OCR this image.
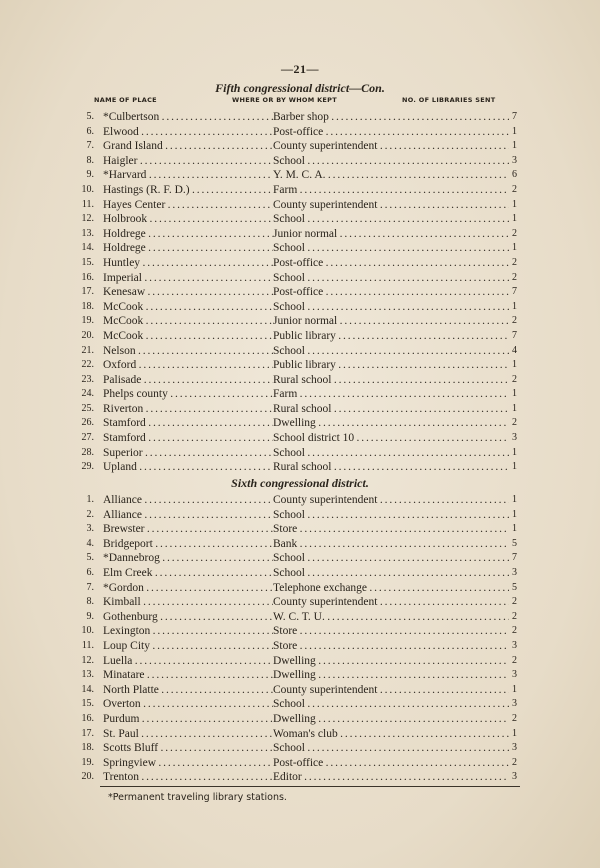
—21—
Fifth congressional district—Con.
NAME OF PLACE	WHERE OR BY WHOM KEPT	NO. OF LIBRARIES SENT
5. *Culbertson . . .	Barber shop . . .	7
6. Elwood . . .	Post-office . . .	1
7. Grand Island . . .	County superintendent . . .	1
8. Haigler . . .	School . . .	3
9. *Harvard . . .	Y. M. C. A. . . .	6
10. Hastings (R. F. D.) . . .	Farm . . .	2
11. Hayes Center . . .	County superintendent . . .	1
12. Holbrook . . .	School . . .	1
13. Holdrege . . .	Junior normal . . .	2
14. Holdrege . . .	School . . .	1
15. Huntley . . .	Post-office . . .	2
16. Imperial . . .	School . . .	2
17. Kenesaw . . .	Post-office . . .	7
18. McCook . . .	School . . .	1
19. McCook . . .	Junior normal . . .	2
20. McCook . . .	Public library . . .	7
21. Nelson . . .	School . . .	4
22. Oxford . . .	Public library . . .	1
23. Palisade . . .	Rural school . . .	2
24. Phelps county . . .	Farm . . .	1
25. Riverton . . .	Rural school . . .	1
26. Stamford . . .	Dwelling . . .	2
27. Stamford . . .	School district 10 . . .	3
28. Superior . . .	School . . .	1
29. Upland . . .	Rural school . . .	1
Sixth congressional district.
1. Alliance . . .	County superintendent . . .	1
2. Alliance . . .	School . . .	1
3. Brewster . . .	Store . . .	1
4. Bridgeport . . .	Bank . . .	5
5. *Dannebrog . . .	School . . .	7
6. Elm Creek . . .	School . . .	3
7. *Gordon . . .	Telephone exchange . . .	5
8. Kimball . . .	County superintendent . . .	2
9. Gothenburg . . .	W. C. T. U. . . .	2
10. Lexington . . .	Store . . .	2
11. Loup City . . .	Store . . .	3
12. Luella . . .	Dwelling . . .	2
13. Minatare . . .	Dwelling . . .	3
14. North Platte . . .	County superintendent . . .	1
15. Overton . . .	School . . .	3
16. Purdum . . .	Dwelling . . .	2
17. St. Paul . . .	Woman's club . . .	1
18. Scotts Bluff . . .	School . . .	3
19. Springview . . .	Post-office . . .	2
20. Trenton . . .	Editor . . .	3
*Permanent traveling library stations.
